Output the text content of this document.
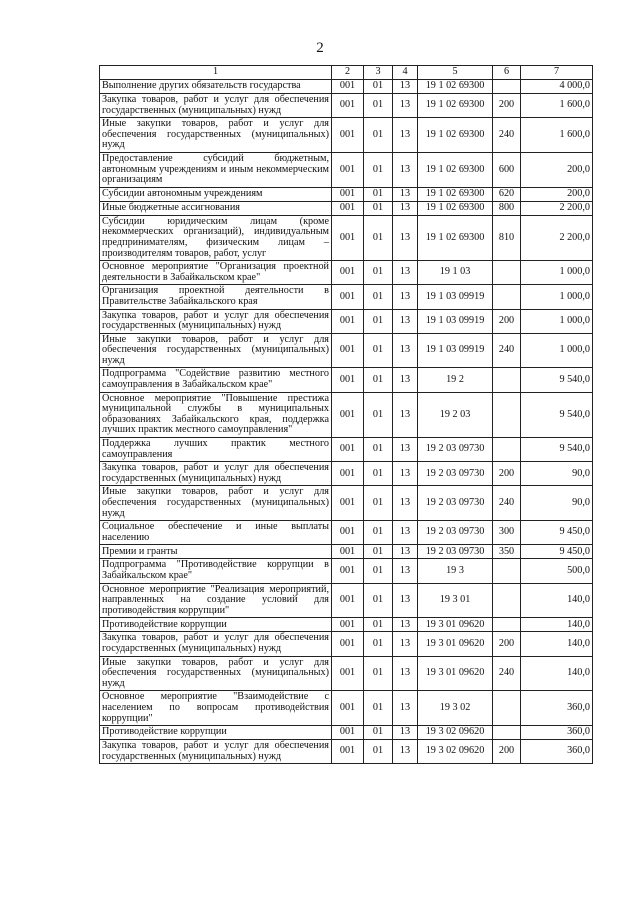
2
1	2	3	4	5	6	7
Выполнение других обязательств государства	001	01	13	19 1 02 69300		4 000,0
Закупка товаров, работ и услуг для обеспечения государственных (муниципальных) нужд	001	01	13	19 1 02 69300	200	1 600,0
Иные закупки товаров, работ и услуг для обеспечения государственных (муниципальных) нужд	001	01	13	19 1 02 69300	240	1 600,0
Предоставление субсидий бюджетным, автономным учреждениям и иным некоммерческим организациям	001	01	13	19 1 02 69300	600	200,0
Субсидии автономным учреждениям	001	01	13	19 1 02 69300	620	200,0
Иные бюджетные ассигнования	001	01	13	19 1 02 69300	800	2 200,0
Субсидии юридическим лицам (кроме некоммерческих организаций), индивидуальным предпринимателям, физическим лицам – производителям товаров, работ, услуг	001	01	13	19 1 02 69300	810	2 200,0
Основное мероприятие "Организация проектной деятельности в Забайкальском крае"	001	01	13	19 1 03		1 000,0
Организация проектной деятельности в Правительстве Забайкальского края	001	01	13	19 1 03 09919		1 000,0
Закупка товаров, работ и услуг для обеспечения государственных (муниципальных) нужд	001	01	13	19 1 03 09919	200	1 000,0
Иные закупки товаров, работ и услуг для обеспечения государственных (муниципальных) нужд	001	01	13	19 1 03 09919	240	1 000,0
Подпрограмма "Содействие развитию местного самоуправления в Забайкальском крае"	001	01	13	19 2		9 540,0
Основное мероприятие "Повышение престижа муниципальной службы в муниципальных образованиях Забайкальского края, поддержка лучших практик местного самоуправления"	001	01	13	19 2 03		9 540,0
Поддержка лучших практик местного самоуправления	001	01	13	19 2 03 09730		9 540,0
Закупка товаров, работ и услуг для обеспечения государственных (муниципальных) нужд	001	01	13	19 2 03 09730	200	90,0
Иные закупки товаров, работ и услуг для обеспечения государственных (муниципальных) нужд	001	01	13	19 2 03 09730	240	90,0
Социальное обеспечение и иные выплаты населению	001	01	13	19 2 03 09730	300	9 450,0
Премии и гранты	001	01	13	19 2 03 09730	350	9 450,0
Подпрограмма "Противодействие коррупции в Забайкальском крае"	001	01	13	19 3		500,0
Основное мероприятие "Реализация мероприятий, направленных на создание условий для противодействия коррупции"	001	01	13	19 3 01		140,0
Противодействие коррупции	001	01	13	19 3 01 09620		140,0
Закупка товаров, работ и услуг для обеспечения государственных (муниципальных) нужд	001	01	13	19 3 01 09620	200	140,0
Иные закупки товаров, работ и услуг для обеспечения государственных (муниципальных) нужд	001	01	13	19 3 01 09620	240	140,0
Основное мероприятие "Взаимодействие с населением по вопросам противодействия коррупции"	001	01	13	19 3 02		360,0
Противодействие коррупции	001	01	13	19 3 02 09620		360,0
Закупка товаров, работ и услуг для обеспечения государственных (муниципальных) нужд	001	01	13	19 3 02 09620	200	360,0
